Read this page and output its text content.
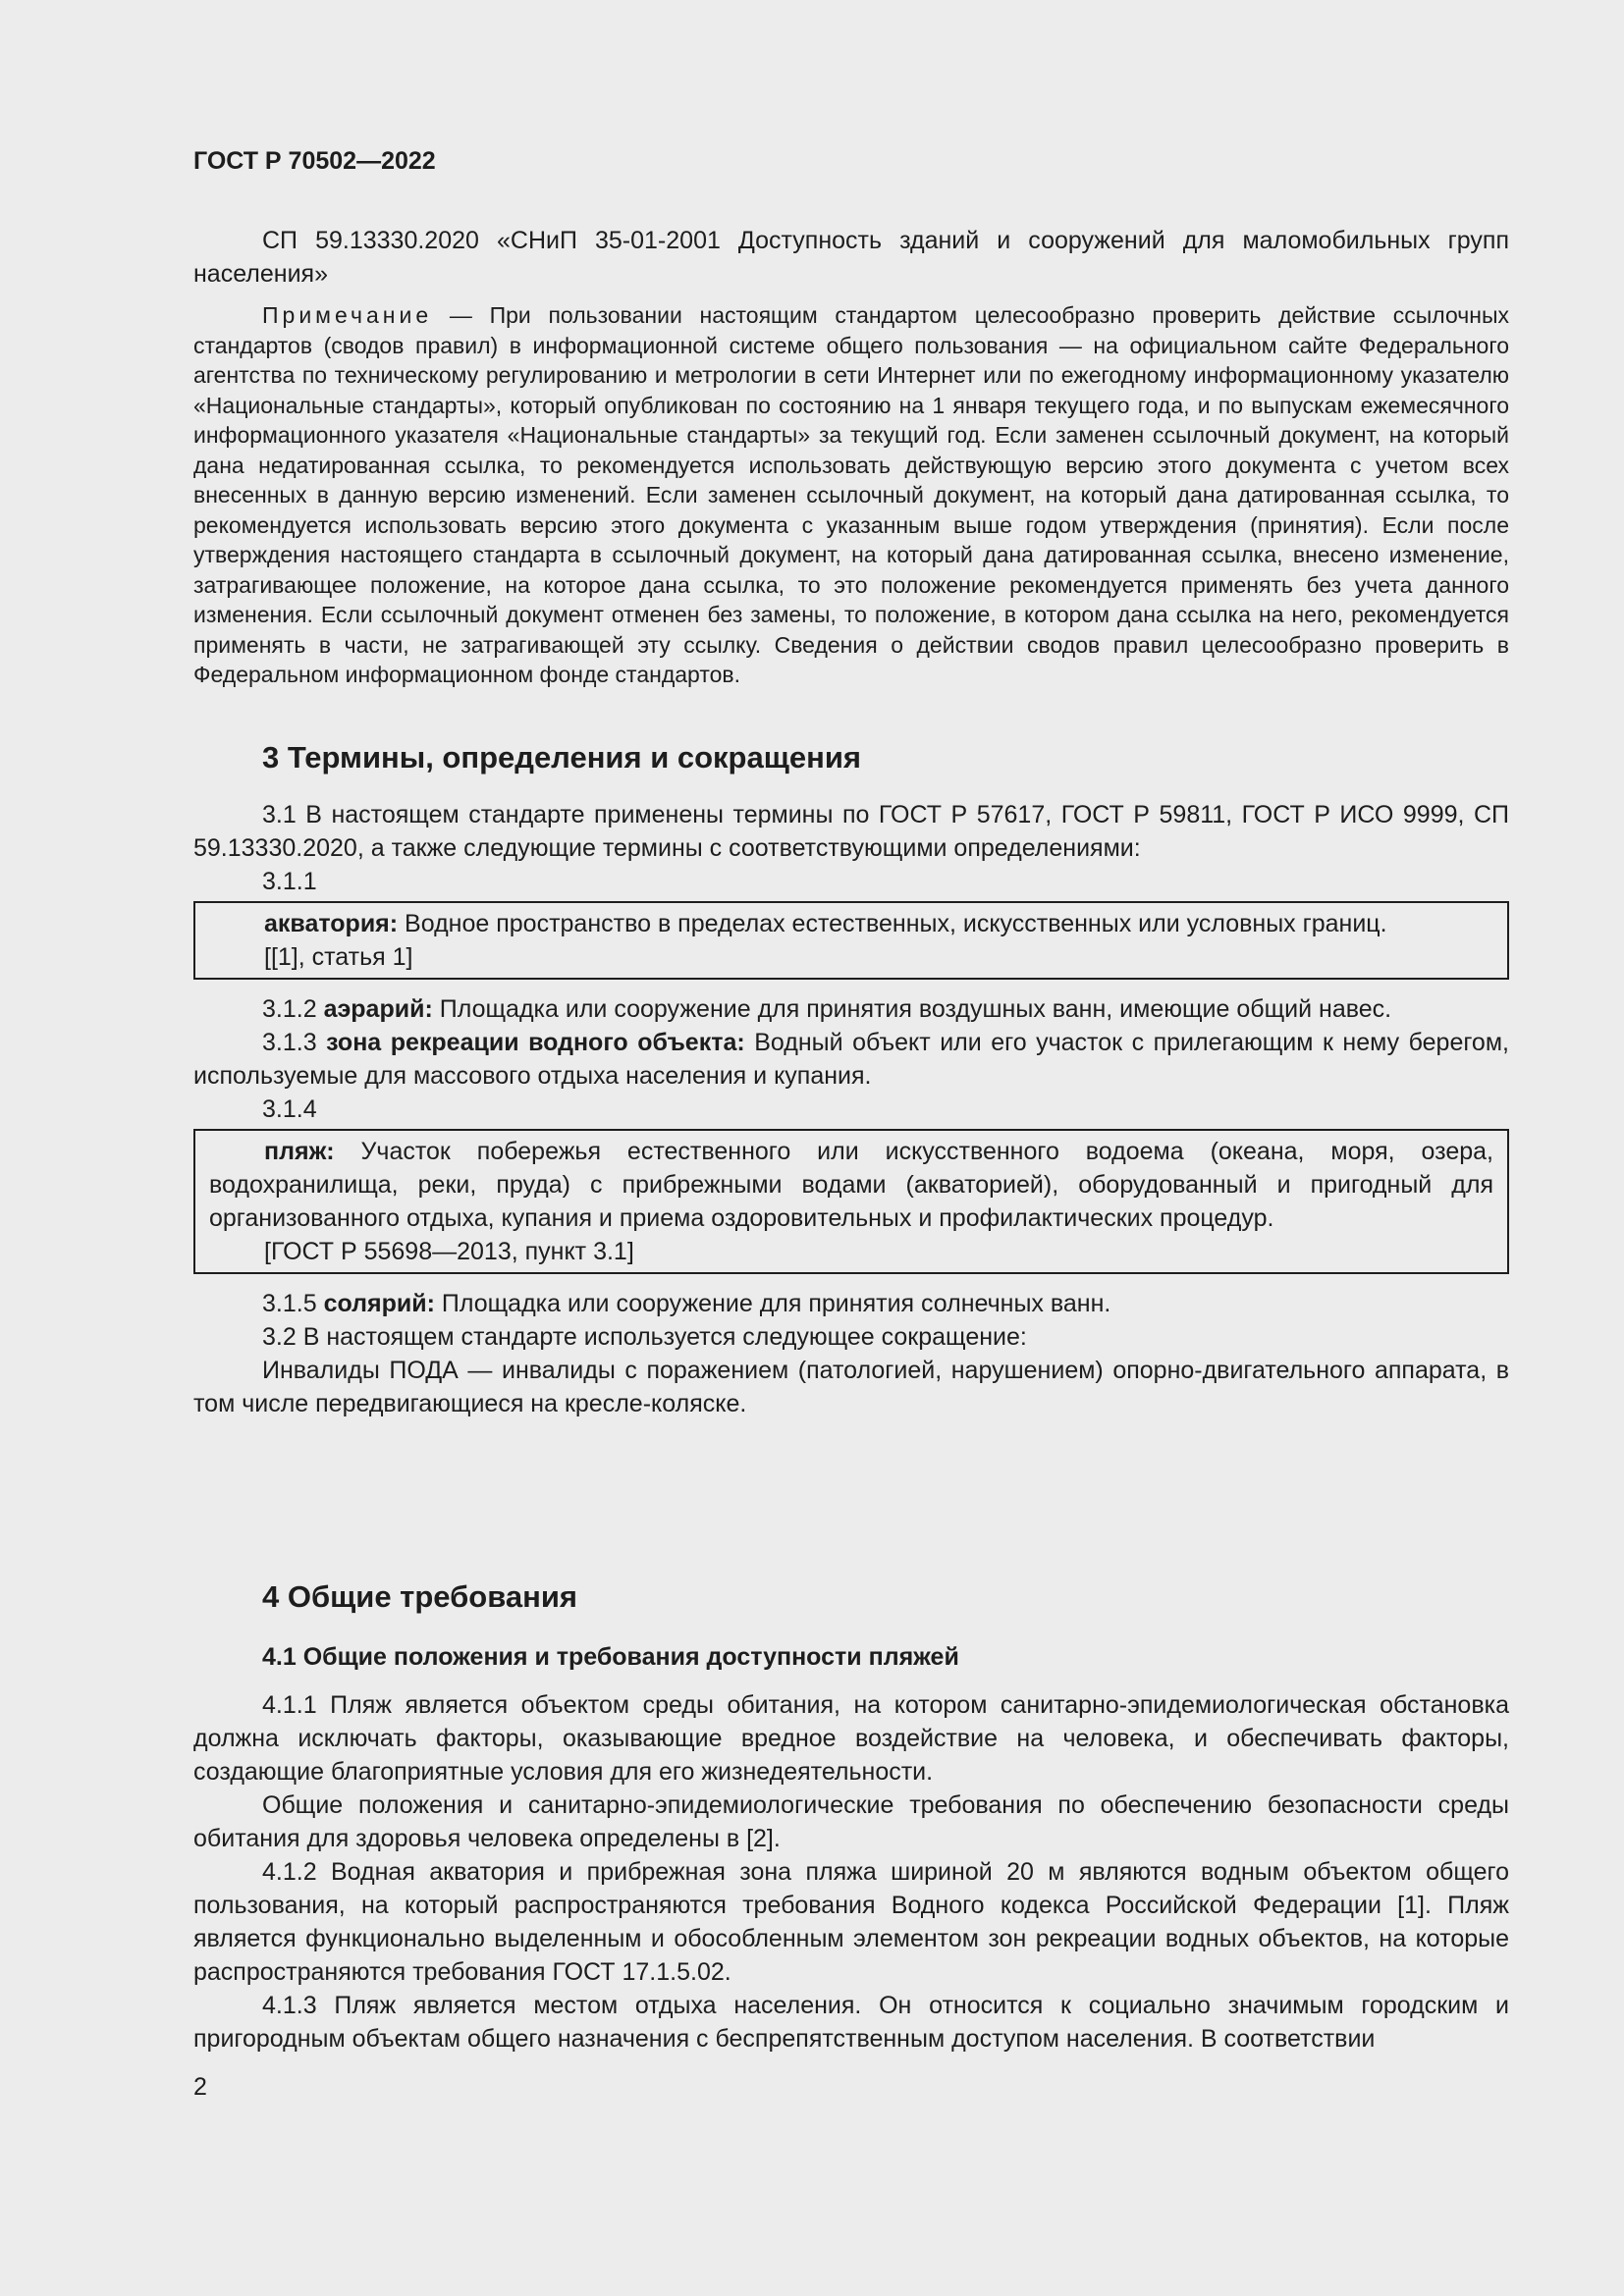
ГОСТ Р 70502—2022

СП 59.13330.2020 «СНиП 35-01-2001 Доступность зданий и сооружений для маломобильных групп населения»

Примечание — При пользовании настоящим стандартом целесообразно проверить действие ссылочных стандартов (сводов правил) в информационной системе общего пользования — на официальном сайте Федерального агентства по техническому регулированию и метрологии в сети Интернет или по ежегодному информационному указателю «Национальные стандарты», который опубликован по состоянию на 1 января текущего года, и по выпускам ежемесячного информационного указателя «Национальные стандарты» за текущий год. Если заменен ссылочный документ, на который дана недатированная ссылка, то рекомендуется использовать действующую версию этого документа с учетом всех внесенных в данную версию изменений. Если заменен ссылочный документ, на который дана датированная ссылка, то рекомендуется использовать версию этого документа с указанным выше годом утверждения (принятия). Если после утверждения настоящего стандарта в ссылочный документ, на который дана датированная ссылка, внесено изменение, затрагивающее положение, на которое дана ссылка, то это положение рекомендуется применять без учета данного изменения. Если ссылочный документ отменен без замены, то положение, в котором дана ссылка на него, рекомендуется применять в части, не затрагивающей эту ссылку. Сведения о действии сводов правил целесообразно проверить в Федеральном информационном фонде стандартов.

3 Термины, определения и сокращения

3.1 В настоящем стандарте применены термины по ГОСТ Р 57617, ГОСТ Р 59811, ГОСТ Р ИСО 9999, СП 59.13330.2020, а также следующие термины с соответствующими определениями:

3.1.1

акватория: Водное пространство в пределах естественных, искусственных или условных границ.

[[1], статья 1]

3.1.2 аэрарий: Площадка или сооружение для принятия воздушных ванн, имеющие общий навес.

3.1.3 зона рекреации водного объекта: Водный объект или его участок с прилегающим к нему берегом, используемые для массового отдыха населения и купания.

3.1.4

пляж: Участок побережья естественного или искусственного водоема (океана, моря, озера, водохранилища, реки, пруда) с прибрежными водами (акваторией), оборудованный и пригодный для организованного отдыха, купания и приема оздоровительных и профилактических процедур.

[ГОСТ Р 55698—2013, пункт 3.1]

3.1.5 солярий: Площадка или сооружение для принятия солнечных ванн.

3.2 В настоящем стандарте используется следующее сокращение:

Инвалиды ПОДА — инвалиды с поражением (патологией, нарушением) опорно-двигательного аппарата, в том числе передвигающиеся на кресле-коляске.

4 Общие требования
4.1 Общие положения и требования доступности пляжей

4.1.1 Пляж является объектом среды обитания, на котором санитарно-эпидемиологическая обстановка должна исключать факторы, оказывающие вредное воздействие на человека, и обеспечивать факторы, создающие благоприятные условия для его жизнедеятельности.

Общие положения и санитарно-эпидемиологические требования по обеспечению безопасности среды обитания для здоровья человека определены в [2].

4.1.2 Водная акватория и прибрежная зона пляжа шириной 20 м являются водным объектом общего пользования, на который распространяются требования Водного кодекса Российской Федерации [1]. Пляж является функционально выделенным и обособленным элементом зон рекреации водных объектов, на которые распространяются требования ГОСТ 17.1.5.02.

4.1.3 Пляж является местом отдыха населения. Он относится к социально значимым городским и пригородным объектам общего назначения с беспрепятственным доступом населения. В соответствии

2
